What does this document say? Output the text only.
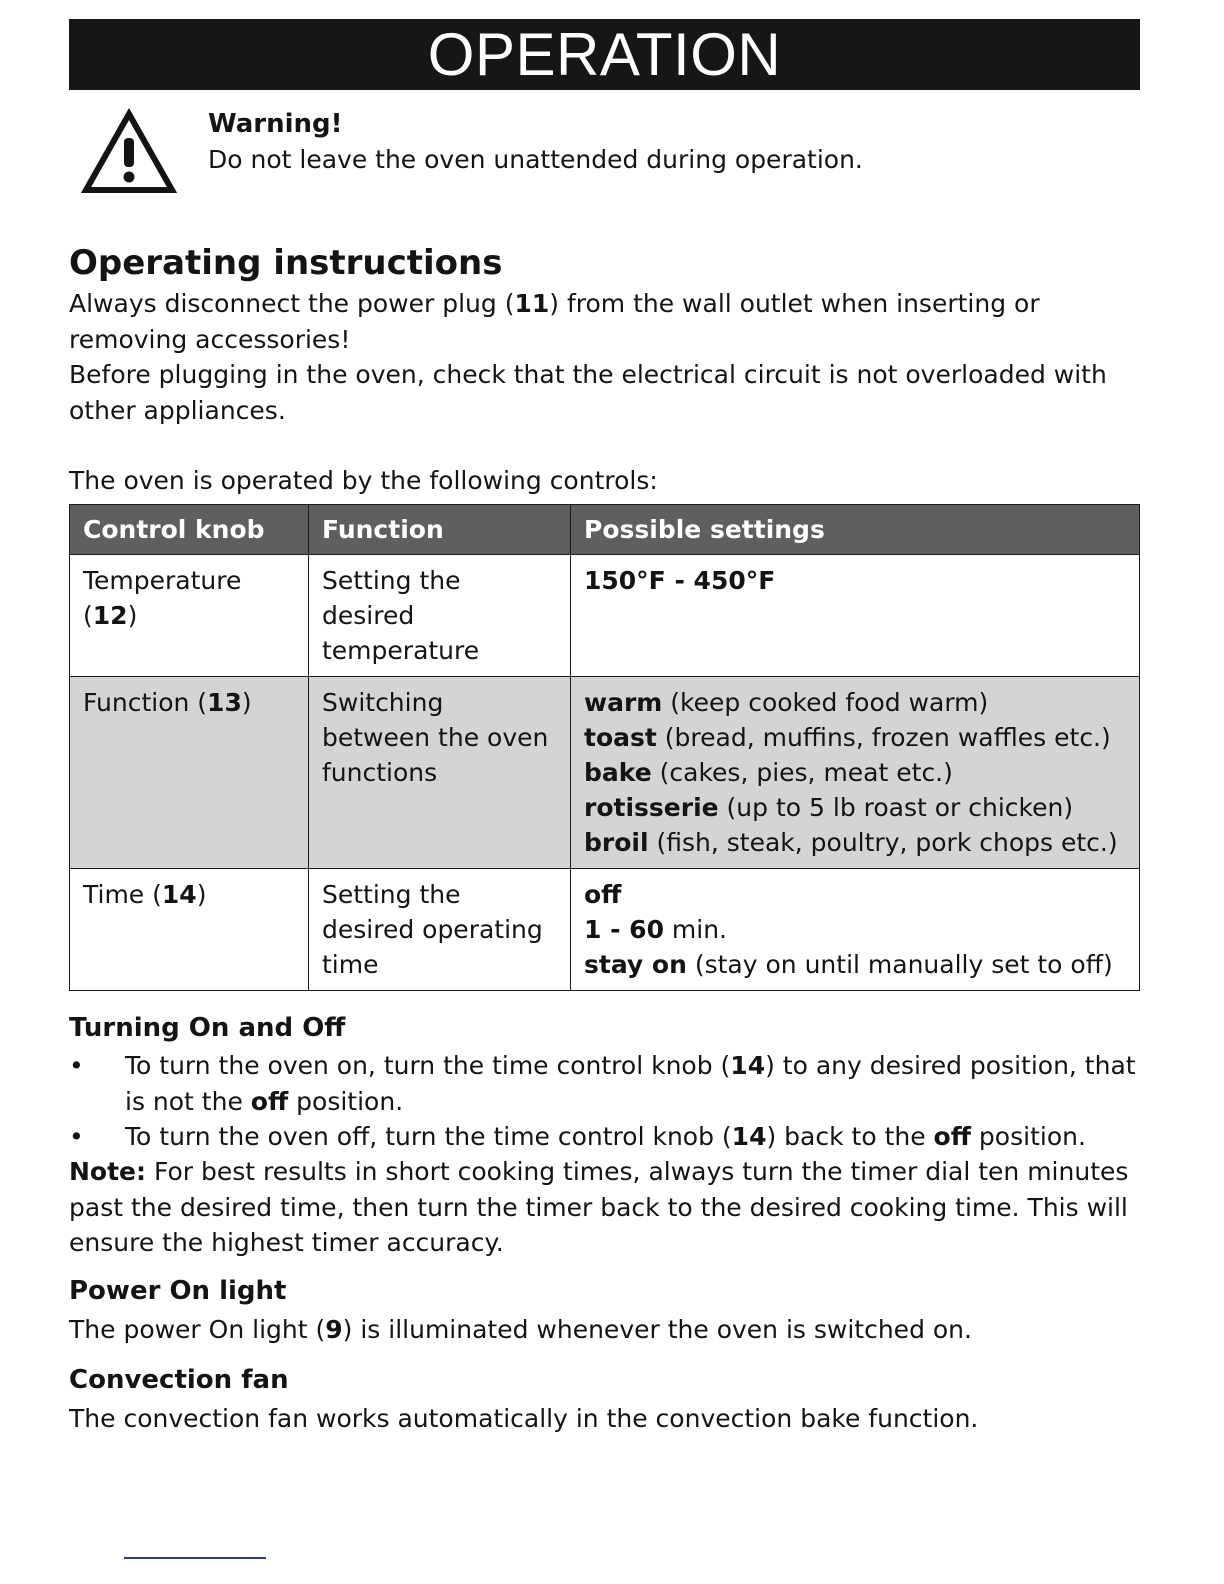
OPERATION
Warning!
Do not leave the oven unattended during operation.
Operating instructions

Always disconnect the power plug (11) from the wall outlet when inserting or removing accessories!

Before plugging in the oven, check that the electrical circuit is not overloaded with other appliances.

The oven is operated by the following controls:

Control knob	Function	Possible settings
Temperature (12)	Setting the desired temperature	150°F - 450°F

Function (13)	Switching between the oven functions	warm (keep cooked food warm)
toast (bread, muffins, frozen waffles etc.)
bake (cakes, pies, meat etc.)
rotisserie (up to 5 lb roast or chicken)
broil (fish, steak, poultry, pork chops etc.)

Time (14)	Setting the desired operating time	off
1 - 60 min.
stay on (stay on until manually set to off)
Turning On and Off
• To turn the oven on, turn the time control knob (14) to any desired position, that is not the off position.
• To turn the oven off, turn the time control knob (14) back to the off position.

Note: For best results in short cooking times, always turn the timer dial ten minutes past the desired time, then turn the timer back to the desired cooking time. This will ensure the highest timer accuracy.

Power On light

The power On light (9) is illuminated whenever the oven is switched on.

Convection fan

The convection fan works automatically in the convection bake function.
